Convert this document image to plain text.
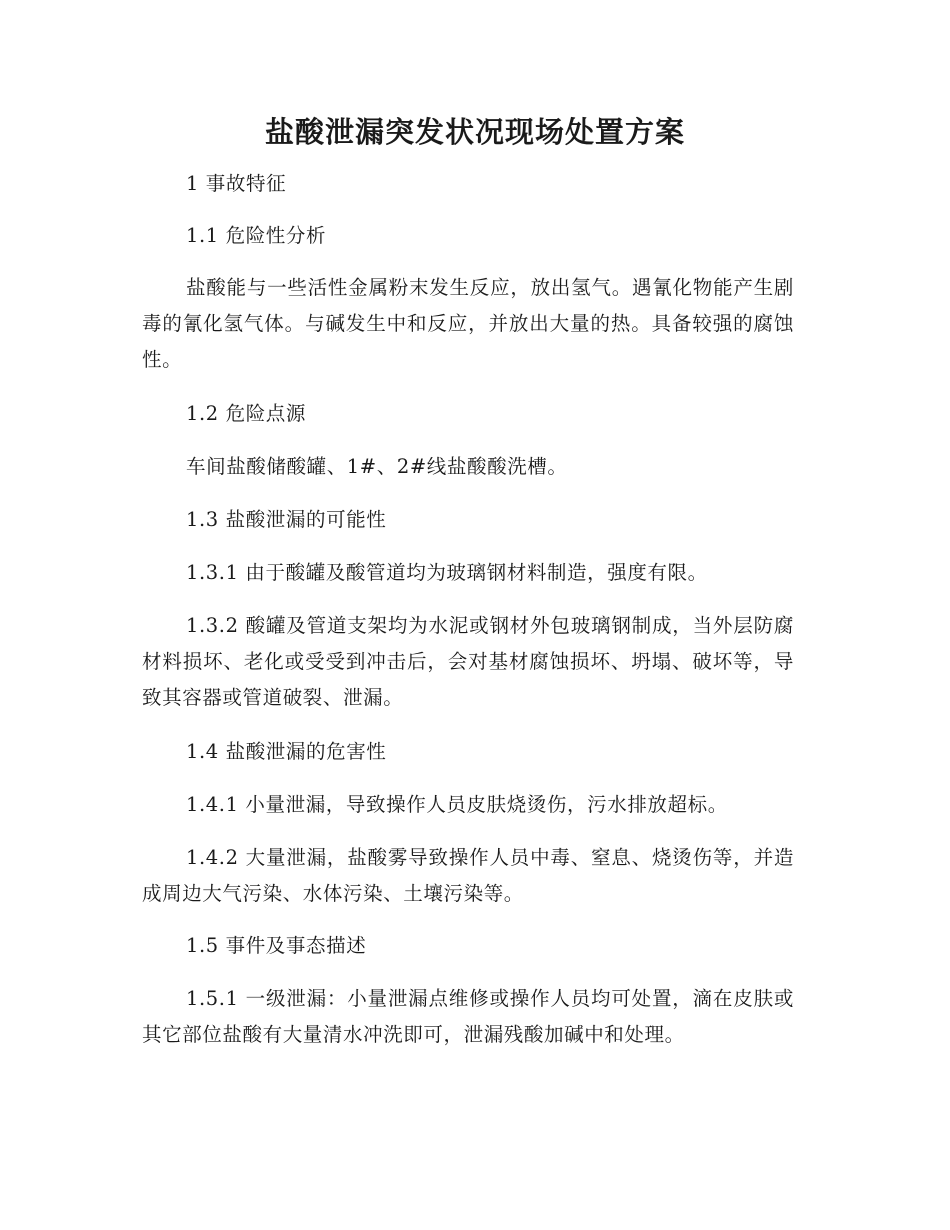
盐酸泄漏突发状况现场处置方案

1 事故特征

1.1 危险性分析

盐酸能与一些活性金属粉末发生反应，放出氢气。遇氰化物能产生剧毒的氰化氢气体。与碱发生中和反应，并放出大量的热。具备较强的腐蚀性。

1.2 危险点源

车间盐酸储酸罐、1#、2#线盐酸酸洗槽。

1.3 盐酸泄漏的可能性

1.3.1 由于酸罐及酸管道均为玻璃钢材料制造，强度有限。

1.3.2 酸罐及管道支架均为水泥或钢材外包玻璃钢制成，当外层防腐材料损坏、老化或受受到冲击后，会对基材腐蚀损坏、坍塌、破坏等，导致其容器或管道破裂、泄漏。

1.4 盐酸泄漏的危害性

1.4.1 小量泄漏，导致操作人员皮肤烧烫伤，污水排放超标。

1.4.2 大量泄漏，盐酸雾导致操作人员中毒、窒息、烧烫伤等，并造成周边大气污染、水体污染、土壤污染等。

1.5 事件及事态描述

1.5.1 一级泄漏：小量泄漏点维修或操作人员均可处置，滴在皮肤或其它部位盐酸有大量清水冲洗即可，泄漏残酸加碱中和处理。
